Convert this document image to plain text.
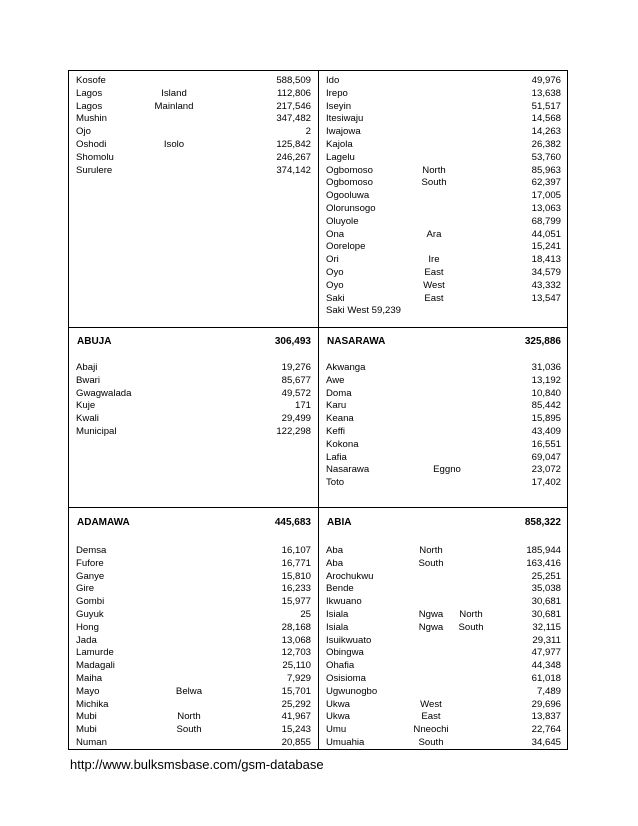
Kosofe	588,509
Lagos	Island	112,806
Lagos	Mainland	217,546
Mushin	347,482
Ojo	2
Oshodi	Isolo	125,842
Shomolu	246,267
Surulere	374,142
Ido	49,976
Irepo	13,638
Iseyin	51,517
Itesiwaju	14,568
Iwajowa	14,263
Kajola	26,382
Lagelu	53,760
Ogbomoso	North	85,963
Ogbomoso	South	62,397
Ogooluwa	17,005
Olorunsogo	13,063
Oluyole	68,799
Ona	Ara	44,051
Oorelope	15,241
Ori	Ire	18,413
Oyo	East	34,579
Oyo	West	43,332
Saki	East	13,547
Saki West 59,239
ABUJA	306,493
Abaji	19,276
Bwari	85,677
Gwagwalada	49,572
Kuje	171
Kwali	29,499
Municipal	122,298
NASARAWA	325,886
Akwanga	31,036
Awe	13,192
Doma	10,840
Karu	85,442
Keana	15,895
Keffi	43,409
Kokona	16,551
Lafia	69,047
Nasarawa	Eggno	23,072
Toto	17,402
ADAMAWA	445,683
Demsa	16,107
Fufore	16,771
Ganye	15,810
Gire	16,233
Gombi	15,977
Guyuk	25
Hong	28,168
Jada	13,068
Lamurde	12,703
Madagali	25,110
Maiha	7,929
Mayo	Belwa	15,701
Michika	25,292
Mubi	North	41,967
Mubi	South	15,243
Numan	20,855
ABIA	858,322
Aba	North	185,944
Aba	South	163,416
Arochukwu	25,251
Bende	35,038
Ikwuano	30,681
Isiala	Ngwa	North	30,681
Isiala	Ngwa	South	32,115
Isuikwuato	29,311
Obingwa	47,977
Ohafia	44,348
Osisioma	61,018
Ugwunogbo	7,489
Ukwa	West	29,696
Ukwa	East	13,837
Umu	Nneochi	22,764
Umuahia	South	34,645
http://www.bulksmsbase.com/gsm-database
